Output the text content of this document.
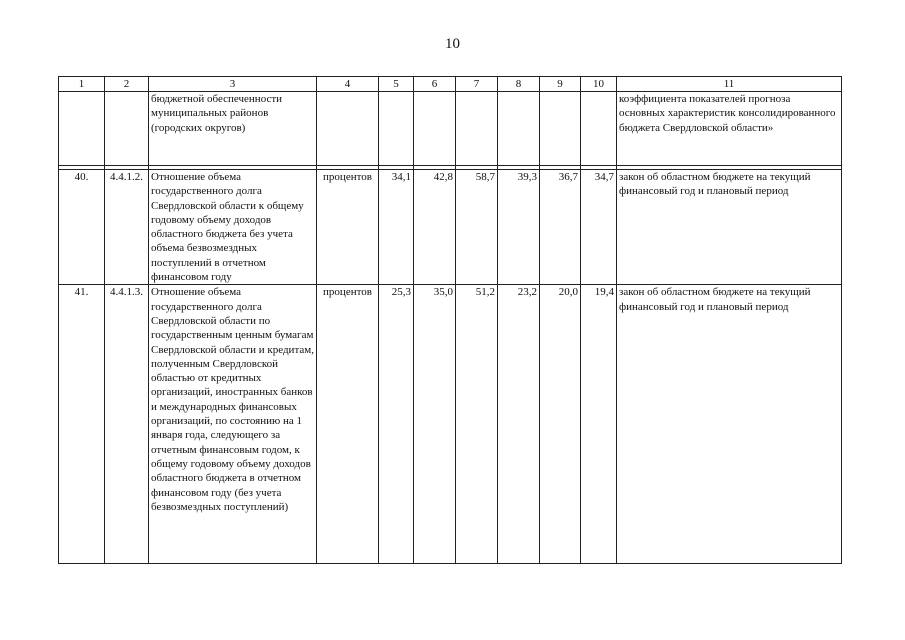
10
1	2	3	4	5	6	7	8	9	10	11
		бюджетной обеспеченности муниципальных районов (городских округов)								коэффициента показателей прогноза основных характеристик консолидированного бюджета Свердловской области»

40.	4.4.1.2.	Отношение объема государственного долга Свердловской области к общему годовому объему доходов областного бюджета без учета объема безвозмездных поступлений в отчетном финансовом году	процентов	34,1	42,8	58,7	39,3	36,7	34,7	закон об областном бюджете на текущий финансовый год и плановый период
41.	4.4.1.3.	Отношение объема государственного долга Свердловской области по государственным ценным бумагам Свердловской области и кредитам, полученным Свердловской областью от кредитных организаций, иностранных банков и международных финансовых организаций, по состоянию на 1 января года, следующего за отчетным финансовым годом, к общему годовому объему доходов областного бюджета в отчетном финансовом году (без учета безвозмездных поступлений)	процентов	25,3	35,0	51,2	23,2	20,0	19,4	закон об областном бюджете на текущий финансовый год и плановый период
